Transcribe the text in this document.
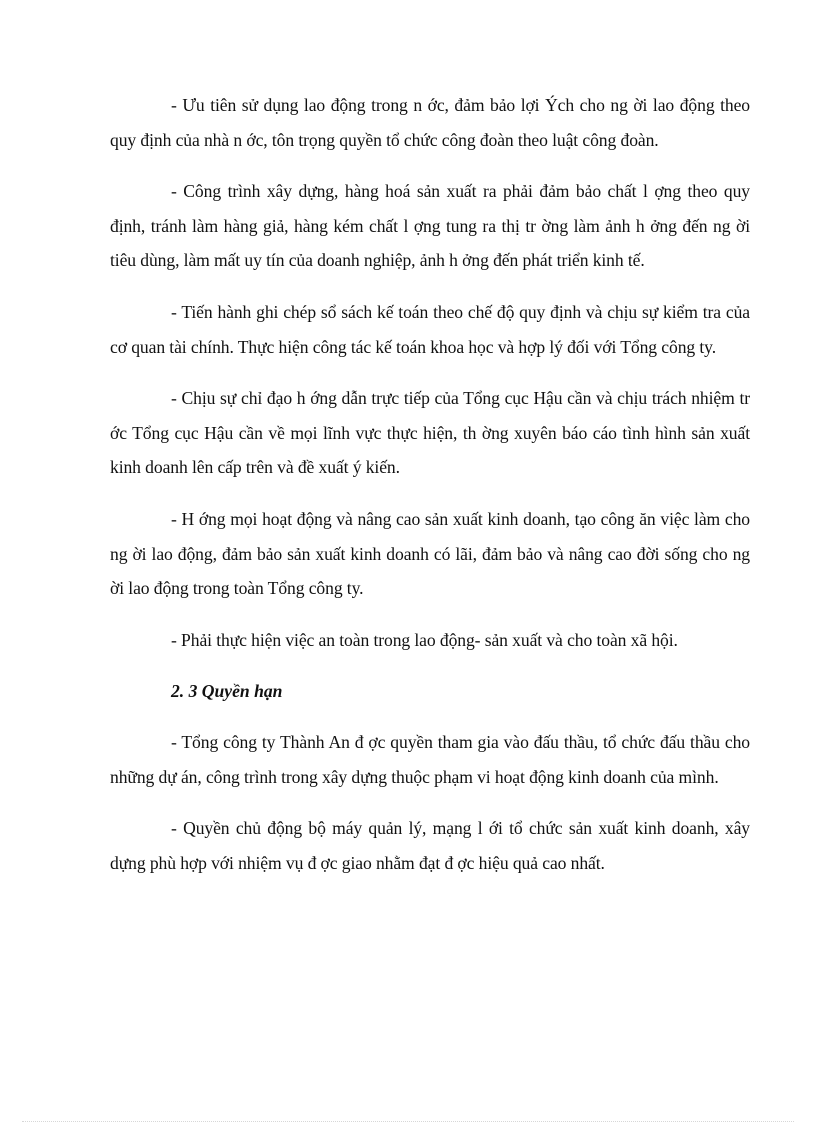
- Ưu tiên sử dụng lao động trong n ớc, đảm bảo lợi Ých cho ng ời lao động theo quy định của nhà n ớc, tôn trọng quyền tổ chức công đoàn theo luật công đoàn.

- Công trình xây dựng, hàng hoá sản xuất ra phải đảm bảo chất l ợng theo quy định, tránh làm hàng giả, hàng kém chất l ợng tung ra thị tr ờng làm ảnh h ởng đến ng ời tiêu dùng, làm mất uy tín của doanh nghiệp, ảnh h ởng đến phát triển kinh tế.

- Tiến hành ghi chép sổ sách kế toán theo chế độ quy định và chịu sự kiểm tra của cơ quan tài chính. Thực hiện công tác kế toán khoa học và hợp lý đối với Tổng công ty.

- Chịu sự chỉ đạo h ớng dẫn trực tiếp của Tổng cục Hậu cần và chịu trách nhiệm tr ớc Tổng cục Hậu cần về mọi lĩnh vực thực hiện, th ờng xuyên báo cáo tình hình sản xuất kinh doanh lên cấp trên và đề xuất ý kiến.

- H ớng mọi hoạt động và nâng cao sản xuất kinh doanh, tạo công ăn việc làm cho ng ời lao động, đảm bảo sản xuất kinh doanh có lãi, đảm bảo và nâng cao đời sống cho ng ời lao động trong toàn Tổng công ty.

- Phải thực hiện việc an toàn trong lao động- sản xuất và cho toàn xã hội.

2. 3 Quyền hạn

- Tổng công ty Thành An đ ợc quyền tham gia vào đấu thầu, tổ chức đấu thầu cho những dự án, công trình trong xây dựng thuộc phạm vi hoạt động kinh doanh của mình.

- Quyền chủ động bộ máy quản lý, mạng l ới tổ chức sản xuất kinh doanh, xây dựng phù hợp với nhiệm vụ đ ợc giao nhằm đạt đ ợc hiệu quả cao nhất.
